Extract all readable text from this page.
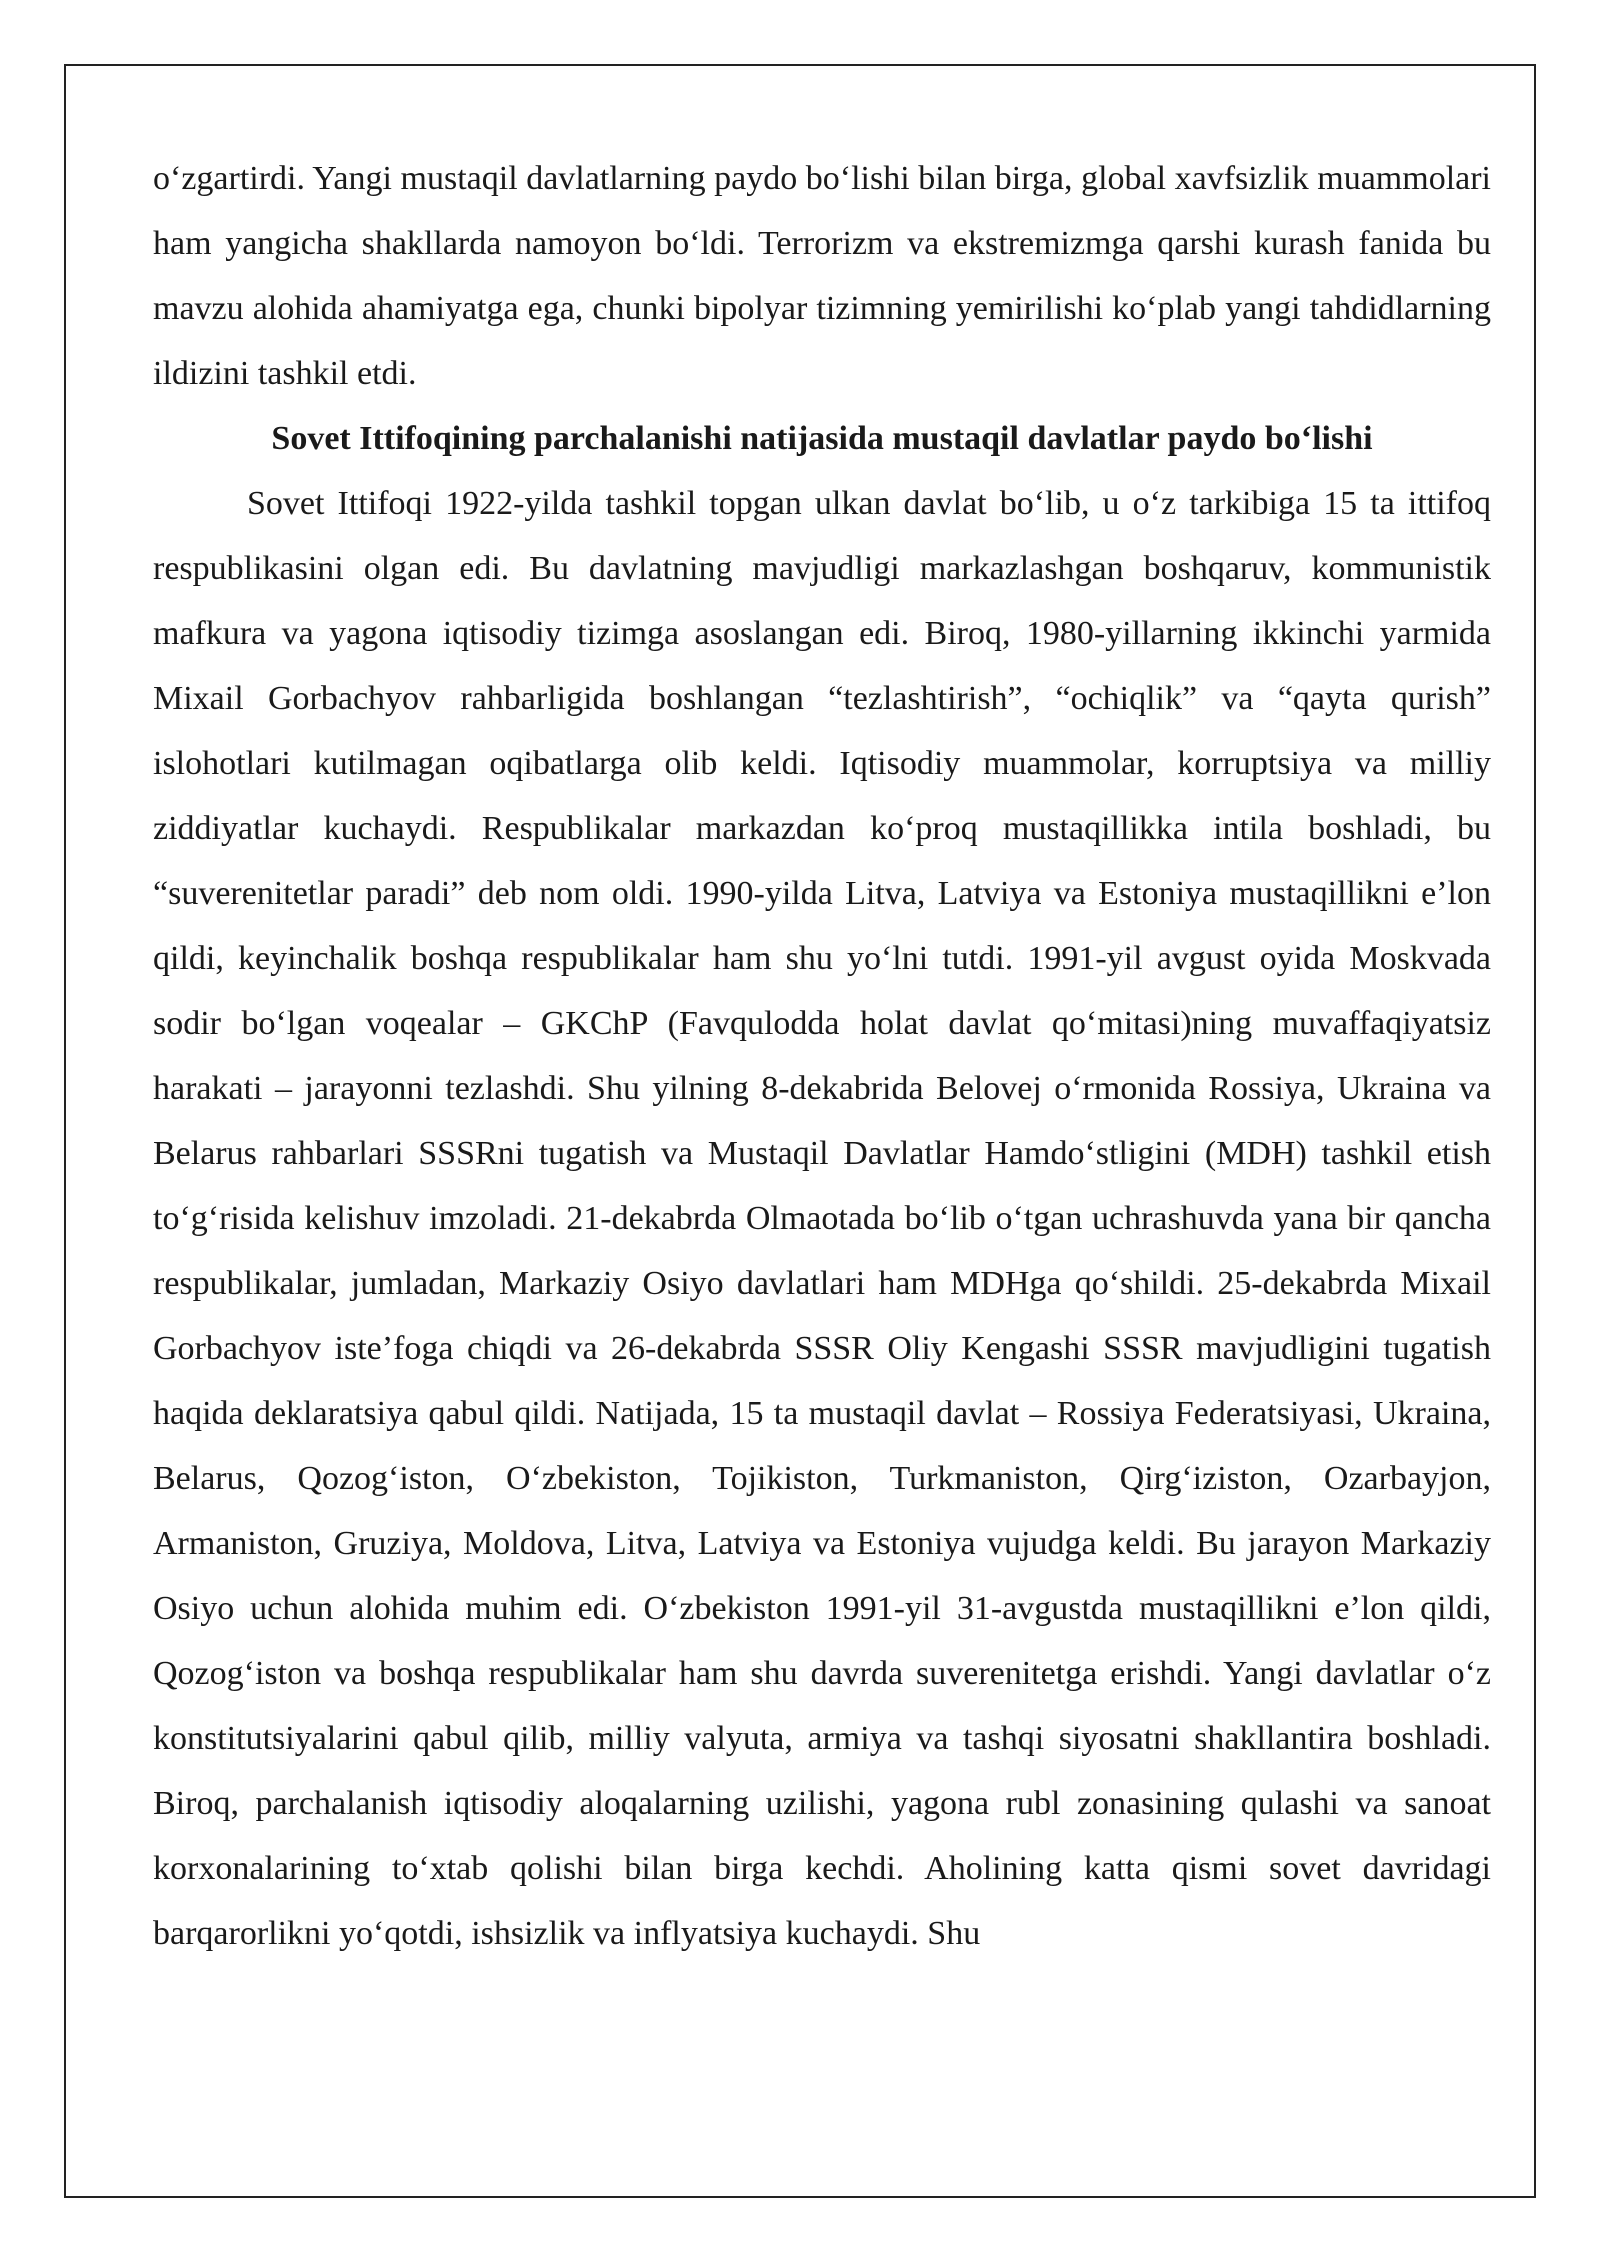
o‘zgartirdi. Yangi mustaqil davlatlarning paydo bo‘lishi bilan birga, global xavfsizlik muammolari ham yangicha shakllarda namoyon bo‘ldi. Terrorizm va ekstremizmga qarshi kurash fanida bu mavzu alohida ahamiyatga ega, chunki bipolyar tizimning yemirilishi ko‘plab yangi tahdidlarning ildizini tashkil etdi.

Sovet Ittifoqining parchalanishi natijasida mustaqil davlatlar paydo bo‘lishi

Sovet Ittifoqi 1922-yilda tashkil topgan ulkan davlat bo‘lib, u o‘z tarkibiga 15 ta ittifoq respublikasini olgan edi. Bu davlatning mavjudligi markazlashgan boshqaruv, kommunistik mafkura va yagona iqtisodiy tizimga asoslangan edi. Biroq, 1980-yillarning ikkinchi yarmida Mixail Gorbachyov rahbarligida boshlangan “tezlashtirish”, “ochiqlik” va “qayta qurish” islohotlari kutilmagan oqibatlarga olib keldi. Iqtisodiy muammolar, korruptsiya va milliy ziddiyatlar kuchaydi. Respublikalar markazdan ko‘proq mustaqillikka intila boshladi, bu “suverenitetlar paradi” deb nom oldi. 1990-yilda Litva, Latviya va Estoniya mustaqillikni e’lon qildi, keyinchalik boshqa respublikalar ham shu yo‘lni tutdi. 1991-yil avgust oyida Moskvada sodir bo‘lgan voqealar – GKChP (Favqulodda holat davlat qo‘mitasi)ning muvaffaqiyatsiz harakati – jarayonni tezlashdi. Shu yilning 8-dekabrida Belovej o‘rmonida Rossiya, Ukraina va Belarus rahbarlari SSSRni tugatish va Mustaqil Davlatlar Hamdo‘stligini (MDH) tashkil etish to‘g‘risida kelishuv imzoladi. 21-dekabrda Olmaotada bo‘lib o‘tgan uchrashuvda yana bir qancha respublikalar, jumladan, Markaziy Osiyo davlatlari ham MDHga qo‘shildi. 25-dekabrda Mixail Gorbachyov iste’foga chiqdi va 26-dekabrda SSSR Oliy Kengashi SSSR mavjudligini tugatish haqida deklaratsiya qabul qildi. Natijada, 15 ta mustaqil davlat – Rossiya Federatsiyasi, Ukraina, Belarus, Qozog‘iston, O‘zbekiston, Tojikiston, Turkmaniston, Qirg‘iziston, Ozarbayjon, Armaniston, Gruziya, Moldova, Litva, Latviya va Estoniya vujudga keldi. Bu jarayon Markaziy Osiyo uchun alohida muhim edi. O‘zbekiston 1991-yil 31-avgustda mustaqillikni e’lon qildi, Qozog‘iston va boshqa respublikalar ham shu davrda suverenitetga erishdi. Yangi davlatlar o‘z konstitutsiyalarini qabul qilib, milliy valyuta, armiya va tashqi siyosatni shakllantira boshladi. Biroq, parchalanish iqtisodiy aloqalarning uzilishi, yagona rubl zonasining qulashi va sanoat korxonalarining to‘xtab qolishi bilan birga kechdi. Aholining katta qismi sovet davridagi barqarorlikni yo‘qotdi, ishsizlik va inflyatsiya kuchaydi. Shu
